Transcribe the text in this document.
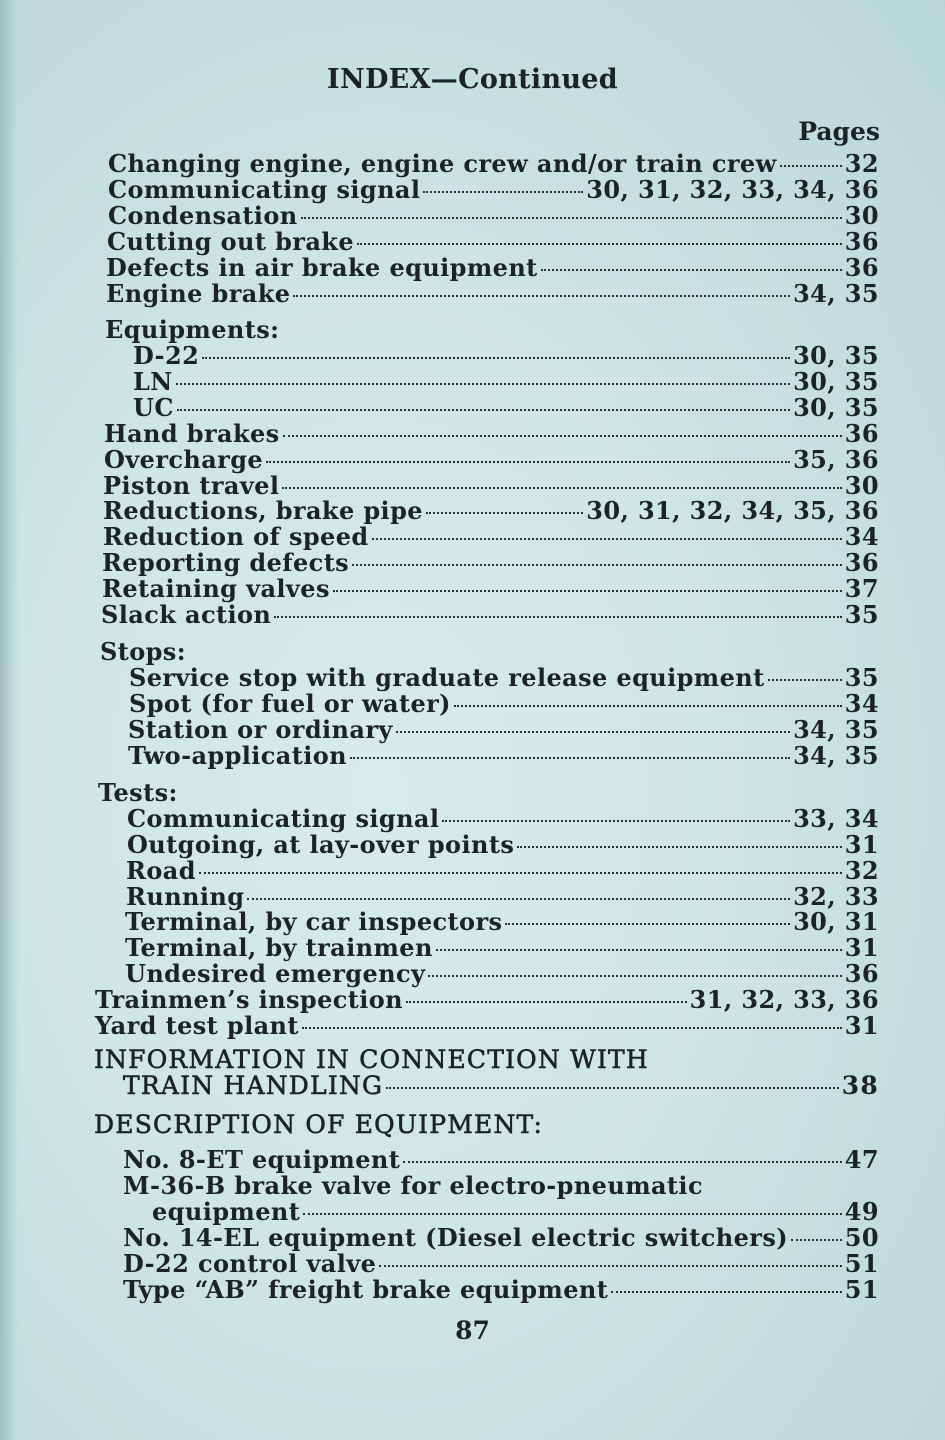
INDEX—Continued
Pages
Changing engine, engine crew and/or train crew	32
Communicating signal	30, 31, 32, 33, 34, 36
Condensation	30
Cutting out brake	36
Defects in air brake equipment	36
Engine brake	34, 35
Equipments:
D-22	30, 35
LN	30, 35
UC	30, 35
Hand brakes	36
Overcharge	35, 36
Piston travel	30
Reductions, brake pipe	30, 31, 32, 34, 35, 36
Reduction of speed	34
Reporting defects	36
Retaining valves	37
Slack action	35
Stops:
Service stop with graduate release equipment	35
Spot (for fuel or water)	34
Station or ordinary	34, 35
Two-application	34, 35
Tests:
Communicating signal	33, 34
Outgoing, at lay-over points	31
Road	32
Running	32, 33
Terminal, by car inspectors	30, 31
Terminal, by trainmen	31
Undesired emergency	36
Trainmen’s inspection	31, 32, 33, 36
Yard test plant	31
INFORMATION IN CONNECTION WITH
TRAIN HANDLING	38
DESCRIPTION OF EQUIPMENT:
No. 8-ET equipment	47
M-36-B brake valve for electro-pneumatic
equipment	49
No. 14-EL equipment (Diesel electric switchers) 50
D-22 control valve	51
Type “AB” freight brake equipment	51
87
